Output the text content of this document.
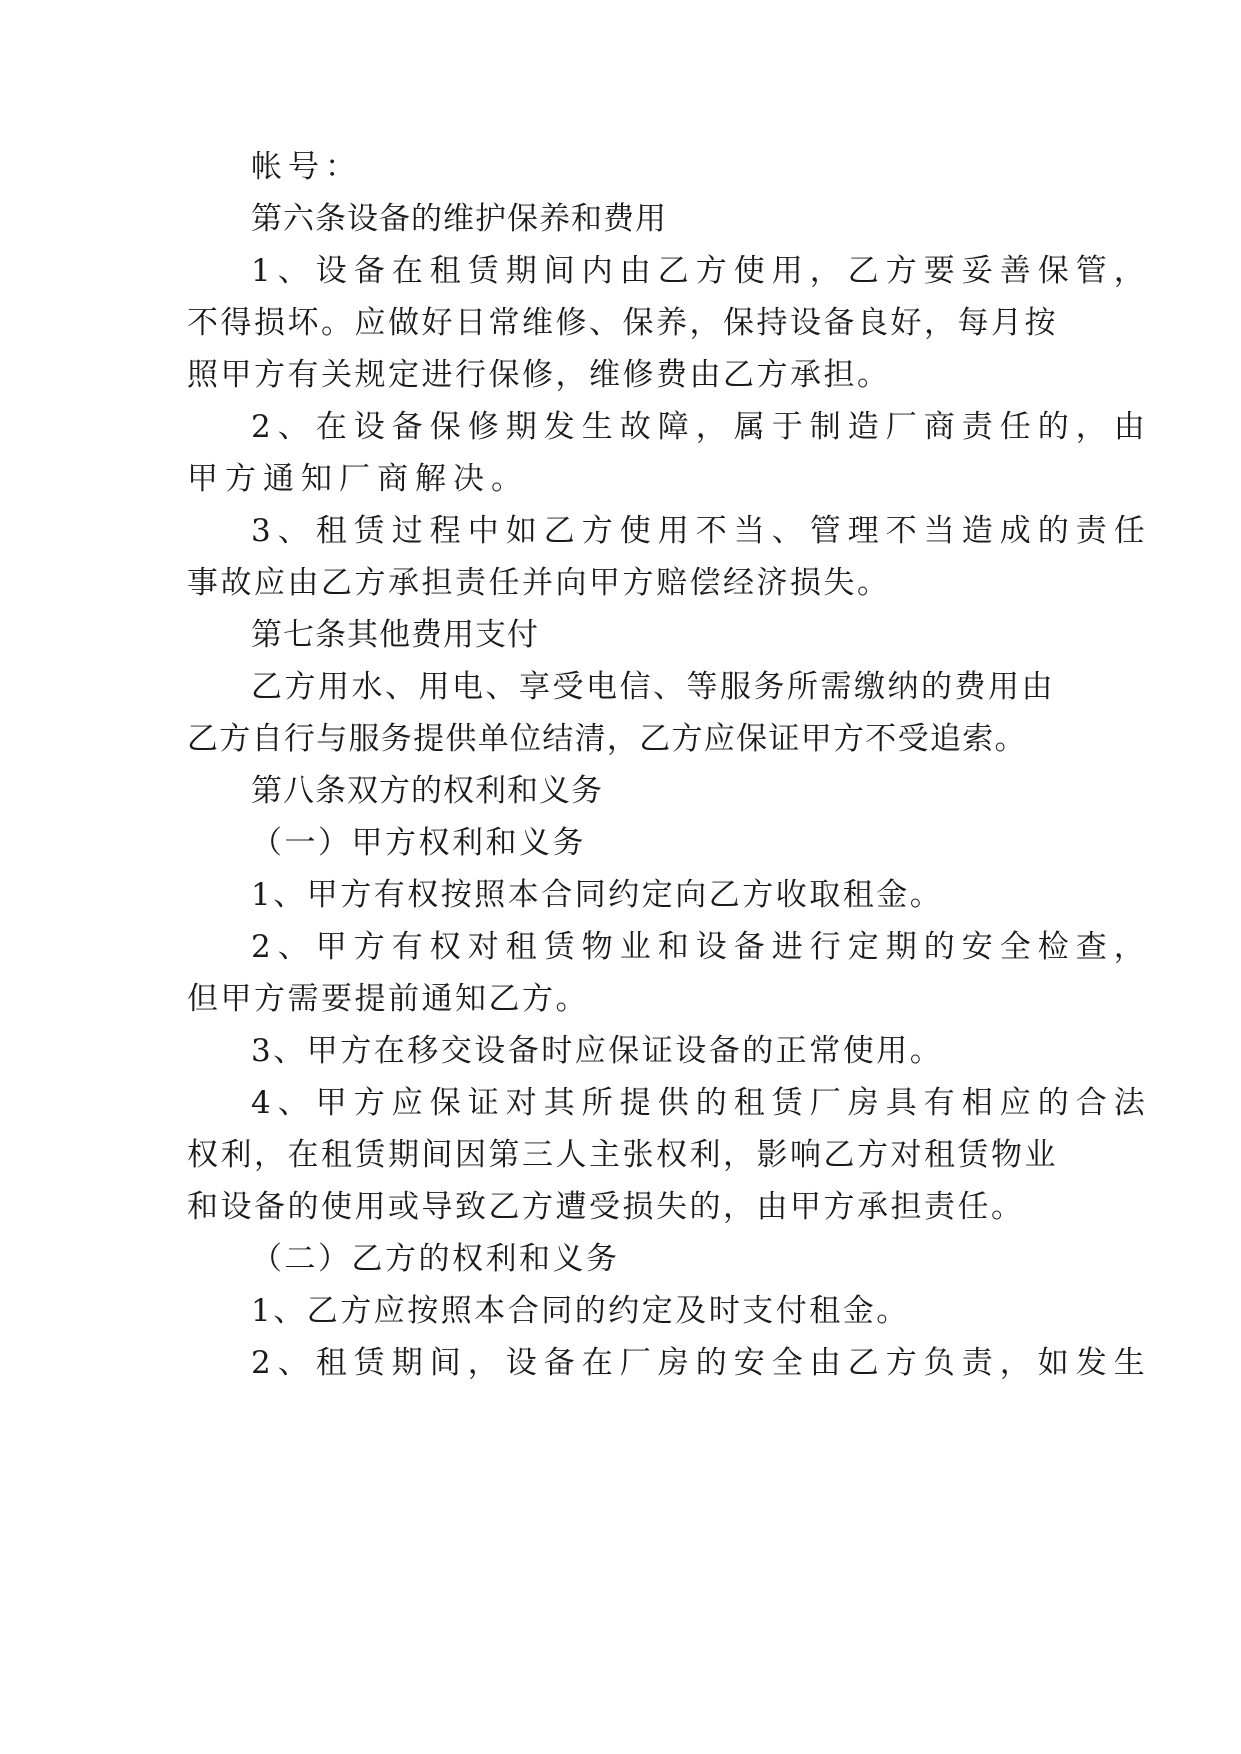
帐号：
第六条设备的维护保养和费用
1、设备在租赁期间内由乙方使用，乙方要妥善保管，
不得损坏。应做好日常维修、保养，保持设备良好，每月按
照甲方有关规定进行保修，维修费由乙方承担。
2、在设备保修期发生故障，属于制造厂商责任的，由
甲方通知厂商解决。
3、租赁过程中如乙方使用不当、管理不当造成的责任
事故应由乙方承担责任并向甲方赔偿经济损失。
第七条其他费用支付
乙方用水、用电、享受电信、等服务所需缴纳的费用由
乙方自行与服务提供单位结清，乙方应保证甲方不受追索。
第八条双方的权利和义务
（一）甲方权利和义务
1、甲方有权按照本合同约定向乙方收取租金。
2、甲方有权对租赁物业和设备进行定期的安全检查，
但甲方需要提前通知乙方。
3、甲方在移交设备时应保证设备的正常使用。
4、甲方应保证对其所提供的租赁厂房具有相应的合法
权利，在租赁期间因第三人主张权利，影响乙方对租赁物业
和设备的使用或导致乙方遭受损失的，由甲方承担责任。
（二）乙方的权利和义务
1、乙方应按照本合同的约定及时支付租金。
2、租赁期间，设备在厂房的安全由乙方负责，如发生
